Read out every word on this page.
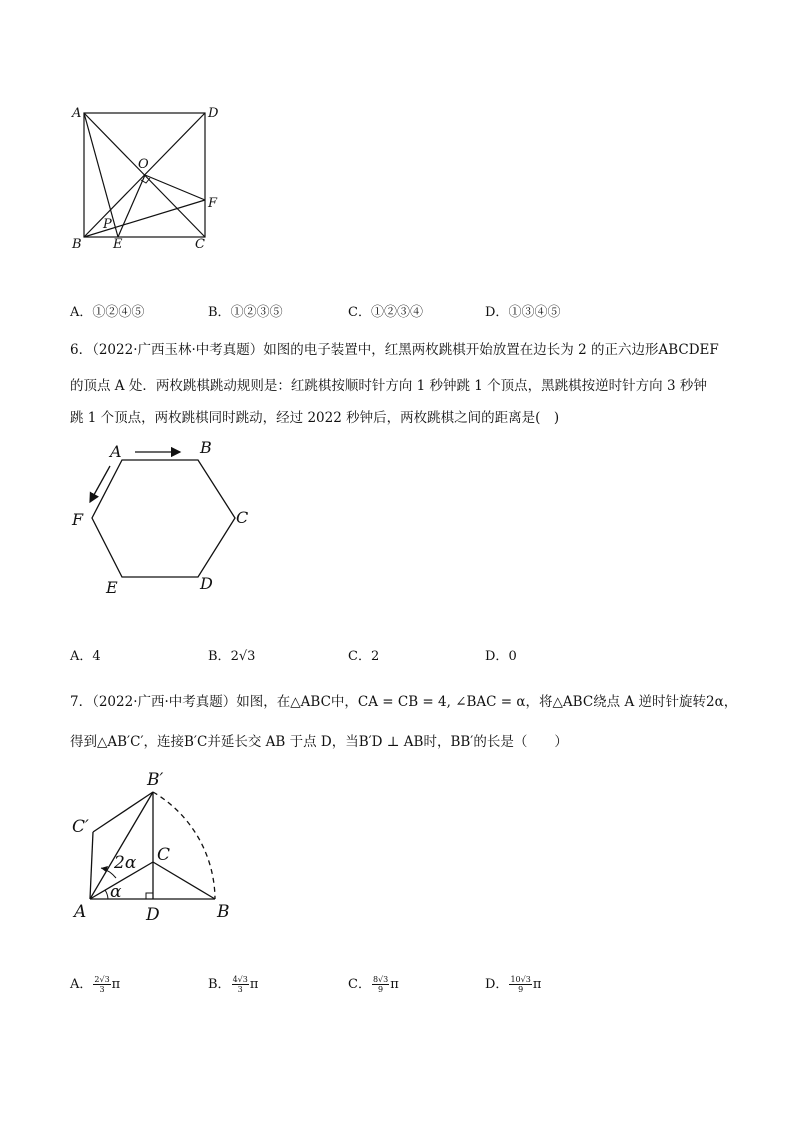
A	D
O
F
P
B E	C
A．①②④⑤	B．①②③⑤	C．①②③④	D．①③④⑤
6．（2022·广西玉林·中考真题）如图的电子装置中，红黑两枚跳棋开始放置在边长为 2 的正六边形ABCDEF
的顶点 A 处．两枚跳棋跳动规则是：红跳棋按顺时针方向 1 秒钟跳 1 个顶点，黑跳棋按逆时针方向 3 秒钟
跳 1 个顶点，两枚跳棋同时跳动，经过 2022 秒钟后，两枚跳棋之间的距离是(　)
A	B
C
D
E
F
A．4	B．2√3	C．2	D．0
7．（2022·广西·中考真题）如图，在△ABC中，CA = CB = 4, ∠BAC = α，将△ABC绕点 A 逆时针旋转2α，
得到△AB′C′，连接B′C并延长交 AB 于点 D，当B′D ⊥ AB时，BB′的长是（　　）
B′
C′
C
2α
α
A	D	B
A． $\frac{2√3}{3}$ π	B． $\frac{4√3}{3}$ π	C． $\frac{8√3}{9}$ π	D． $\frac{10√3}{9}$ π
